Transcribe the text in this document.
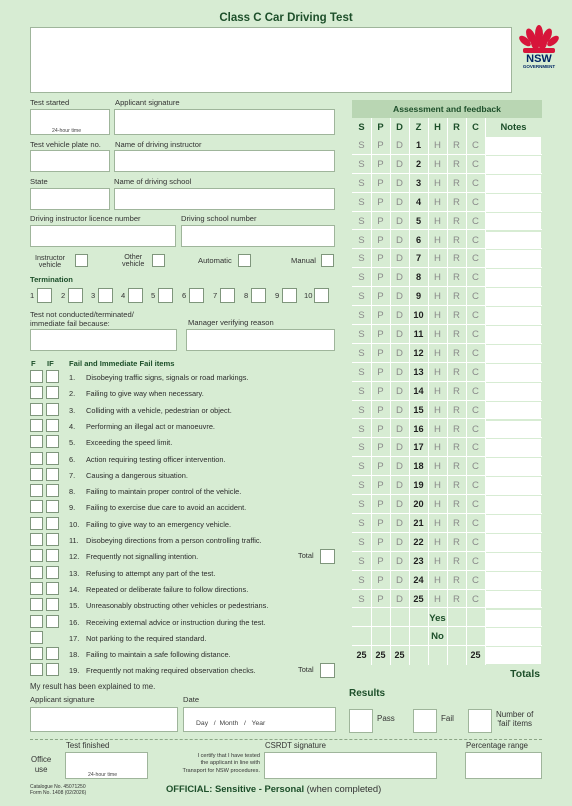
Class C Car Driving Test
NSW
GOVERNMENT
Test started
24-hour time
Applicant signature
Test vehicle plate no. Name of driving instructor
State	Name of driving school
Driving instructor licence number	Driving school number
Instructor
vehicle
Other
vehicle	Automatic	Manual
Termination
1	2	3	4	5	6	7	8	9	10
Test not conducted/terminated/
immediate fail because:	Manager verifying reason
F IF Fail and Immediate Fail items
1. Disobeying traffic signs, signals or road markings.
2. Failing to give way when necessary.
3. Colliding with a vehicle, pedestrian or object.
4. Performing an illegal act or manoeuvre.
5. Exceeding the speed limit.
6. Action requiring testing officer intervention.
7. Causing a dangerous situation.
8. Failing to maintain proper control of the vehicle.
9. Failing to exercise due care to avoid an accident.
10. Failing to give way to an emergency vehicle.
11. Disobeying directions from a person controlling traffic.
12. Frequently not signalling intention.	Total
13. Refusing to attempt any part of the test.
14. Repeated or deliberate failure to follow directions.
15. Unreasonably obstructing other vehicles or pedestrians.
16. Receiving external advice or instruction during the test.
17. Not parking to the required standard.
18. Failing to maintain a safe following distance.
19. Frequently not making required observation checks.	Total
My result has been explained to me.
Applicant signature	Date
Day / Month / Year
Assessment and feedback
S	P	D	Z	H	R	C	Notes
S	P	D	1	H	R	C
S	P	D	2	H	R	C
S	P	D	3	H	R	C
S	P	D	4	H	R	C
S	P	D	5	H	R	C
S	P	D	6	H	R	C
S	P	D	7	H	R	C
S	P	D	8	H	R	C
S	P	D	9	H	R	C
S	P	D	10	H	R	C
S	P	D	11	H	R	C
S	P	D	12	H	R	C
S	P	D	13	H	R	C
S	P	D	14	H	R	C
S	P	D	15	H	R	C
S	P	D	16	H	R	C
S	P	D	17	H	R	C
S	P	D	18	H	R	C
S	P	D	19	H	R	C
S	P	D	20	H	R	C
S	P	D	21	H	R	C
S	P	D	22	H	R	C
S	P	D	23	H	R	C
S	P	D	24	H	R	C
S	P	D	25	H	R	C
Yes
No
25 25 25	25
Totals
Results
Pass	Fail	Number of
'fail' items
Office
use
Test finished
24-hour time
I certify that I have tested
the applicant in line with
Transport for NSW procedures.
CSRDT signature	Percentage range
Catalogue No. 45071250
Form No. 1408 (02/2026)	OFFICIAL: Sensitive - Personal (when completed)
